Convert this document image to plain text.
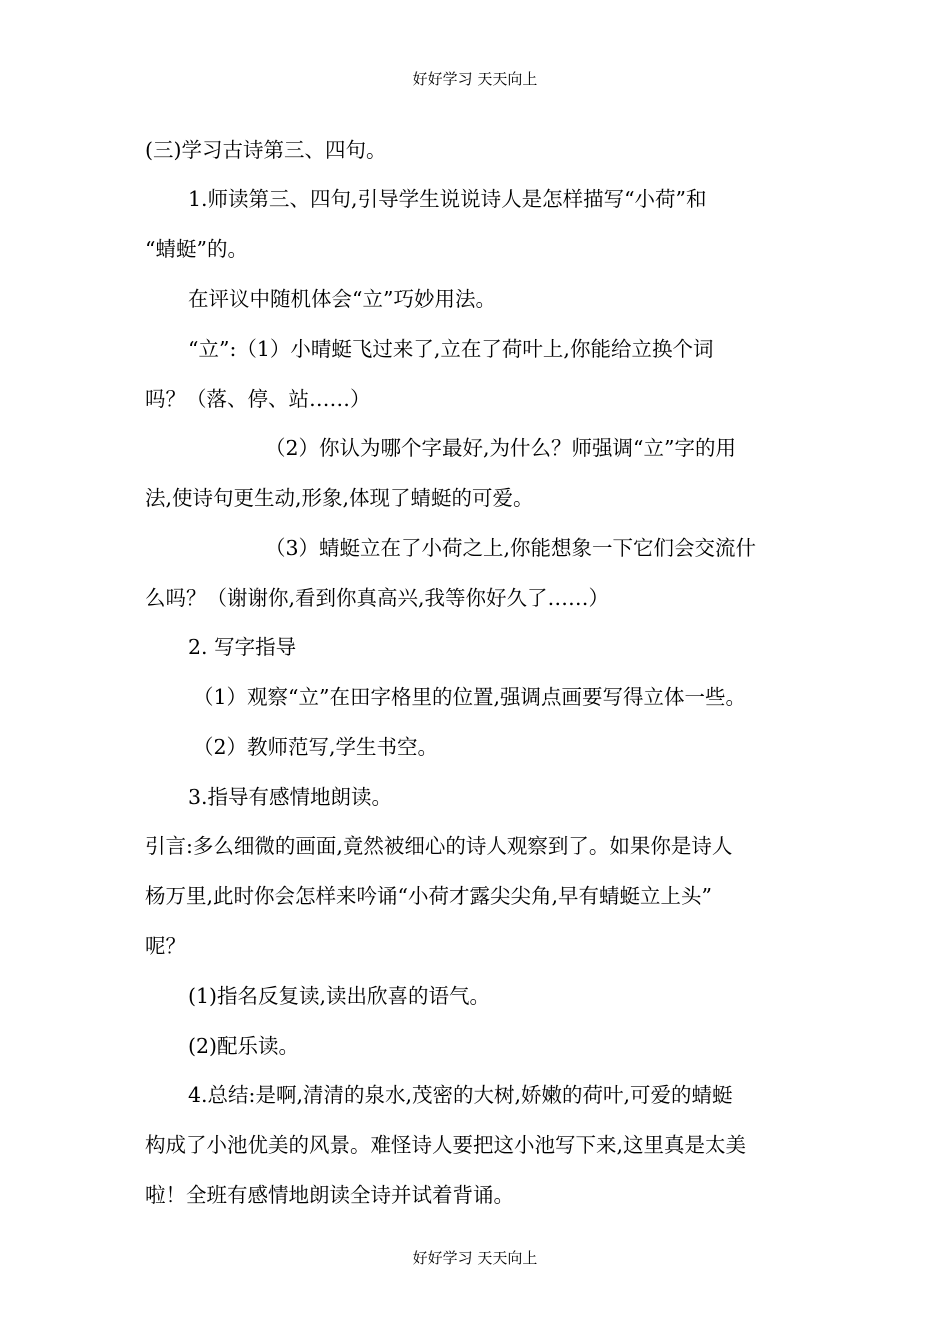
好好学习 天天向上
(三)学习古诗第三、四句。
1.师读第三、四句,引导学生说说诗人是怎样描写“小荷”和
“蜻蜓”的。
在评议中随机体会“立”巧妙用法。
“立”:（1）小晴蜓飞过来了,立在了荷叶上,你能给立换个词
吗？（落、停、站……）
（2）你认为哪个字最好,为什么？师强调“立”字的用
法,使诗句更生动,形象,体现了蜻蜓的可爱。
（3）蜻蜓立在了小荷之上,你能想象一下它们会交流什
么吗？（谢谢你,看到你真高兴,我等你好久了……）
2. 写字指导
（1）观察“立”在田字格里的位置,强调点画要写得立体一些。
（2）教师范写,学生书空。
3.指导有感情地朗读。
引言:多么细微的画面,竟然被细心的诗人观察到了。如果你是诗人
杨万里,此时你会怎样来吟诵“小荷才露尖尖角,早有蜻蜓立上头”
呢？
(1)指名反复读,读出欣喜的语气。
(2)配乐读。
4.总结:是啊,清清的泉水,茂密的大树,娇嫩的荷叶,可爱的蜻蜓
构成了小池优美的风景。难怪诗人要把这小池写下来,这里真是太美
啦！全班有感情地朗读全诗并试着背诵。
好好学习 天天向上
